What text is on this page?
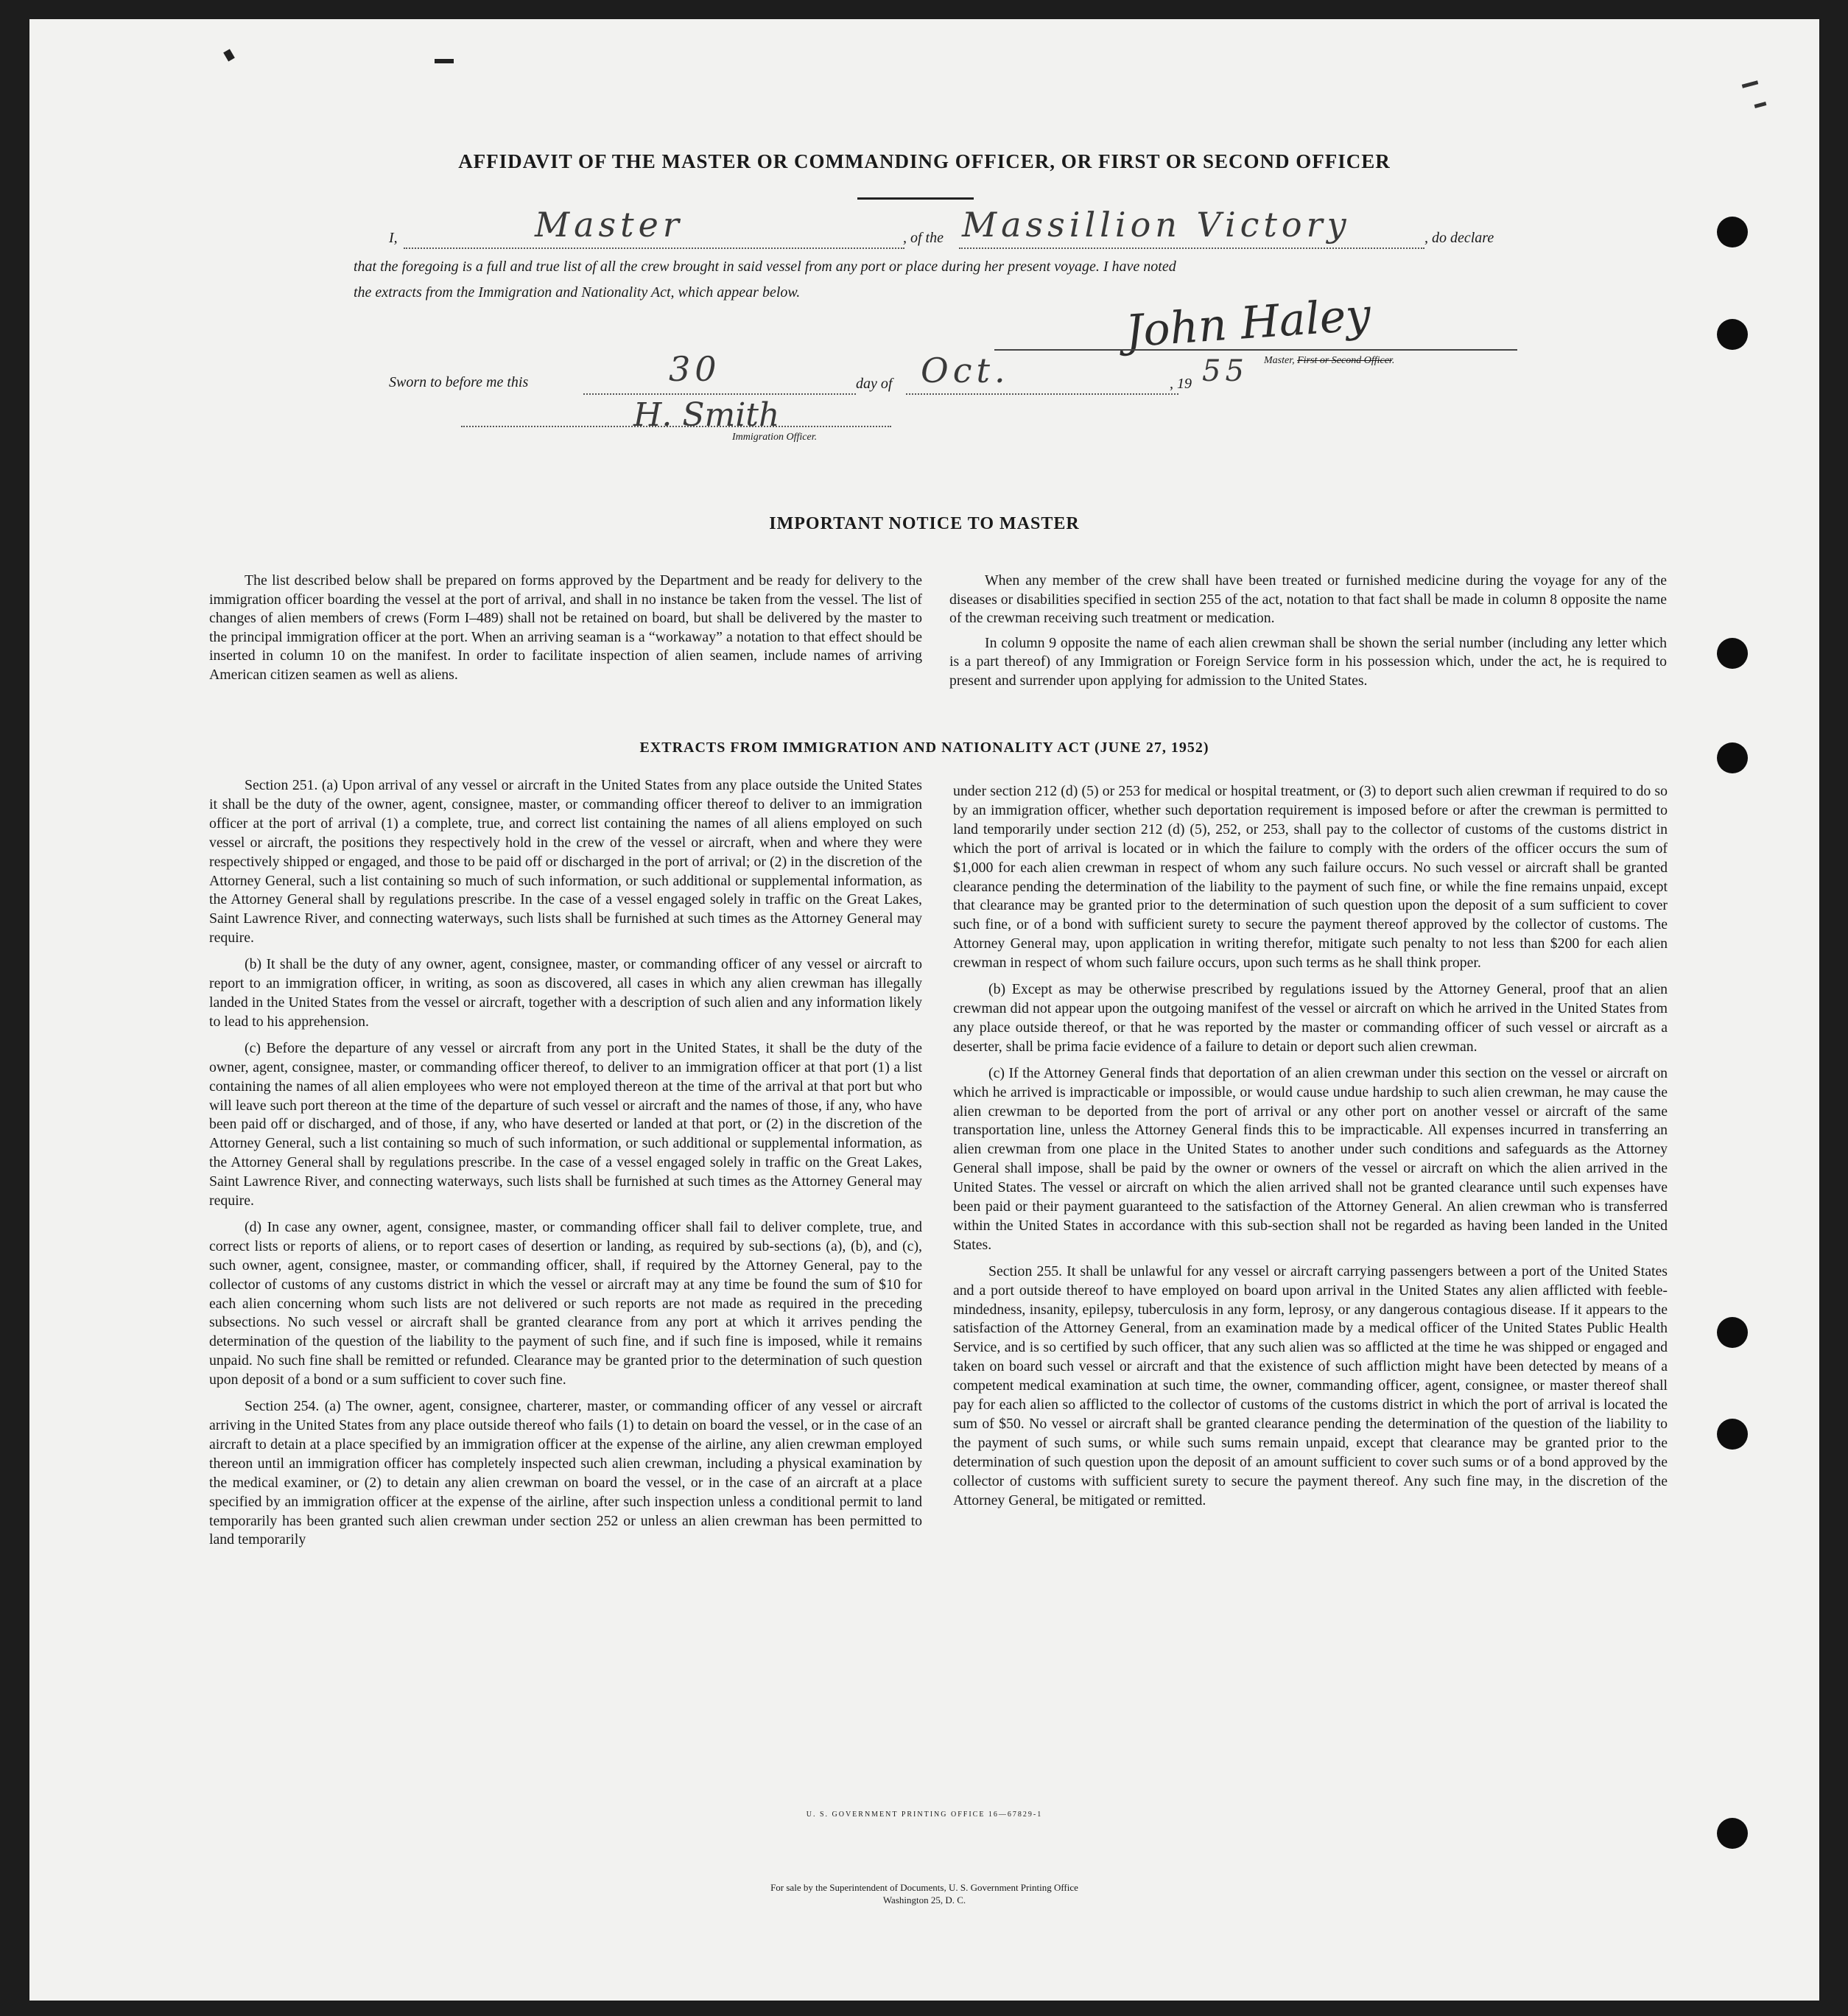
AFFIDAVIT OF THE MASTER OR COMMANDING OFFICER, OR FIRST OR SECOND OFFICER
I,	Master	, of the Massillion Victory	, do declare
that the foregoing is a full and true list of all the crew brought in said vessel from any port or place during her present voyage. I have noted
the extracts from the Immigration and Nationality Act, which appear below.	John Haley
Master, First or Second Officer.
Sworn to before me this	30	day of Oct.	, 19 55
H. Smith
Immigration Officer.
IMPORTANT NOTICE TO MASTER

The list described below shall be prepared on forms approved by the Department and be ready for delivery to the immigration officer boarding the vessel at the port of arrival, and shall in no instance be taken from the vessel. The list of changes of alien members of crews (Form I–489) shall not be retained on board, but shall be delivered by the master to the principal immigration officer at the port. When an arriving seaman is a “workaway” a notation to that effect should be inserted in column 10 on the manifest. In order to facilitate inspection of alien seamen, include names of arriving American citizen seamen as well as aliens.

When any member of the crew shall have been treated or furnished medicine during the voyage for any of the diseases or disabilities specified in section 255 of the act, notation to that fact shall be made in column 8 opposite the name of the crewman receiving such treatment or medication.

In column 9 opposite the name of each alien crewman shall be shown the serial number (including any letter which is a part thereof) of any Immigration or Foreign Service form in his possession which, under the act, he is required to present and surrender upon applying for admission to the United States.

EXTRACTS FROM IMMIGRATION AND NATIONALITY ACT (JUNE 27, 1952)

Section 251. (a) Upon arrival of any vessel or aircraft in the United States from any place outside the United States it shall be the duty of the owner, agent, consignee, master, or commanding officer thereof to deliver to an immigration officer at the port of arrival (1) a complete, true, and correct list containing the names of all aliens employed on such vessel or aircraft, the positions they respectively hold in the crew of the vessel or aircraft, when and where they were respectively shipped or engaged, and those to be paid off or discharged in the port of arrival; or (2) in the discretion of the Attorney General, such a list containing so much of such information, or such additional or supplemental information, as the Attorney General shall by regulations prescribe. In the case of a vessel engaged solely in traffic on the Great Lakes, Saint Lawrence River, and connecting waterways, such lists shall be furnished at such times as the Attorney General may require.

(b) It shall be the duty of any owner, agent, consignee, master, or commanding officer of any vessel or aircraft to report to an immigration officer, in writing, as soon as discovered, all cases in which any alien crewman has illegally landed in the United States from the vessel or aircraft, together with a description of such alien and any information likely to lead to his apprehension.

(c) Before the departure of any vessel or aircraft from any port in the United States, it shall be the duty of the owner, agent, consignee, master, or commanding officer thereof, to deliver to an immigration officer at that port (1) a list containing the names of all alien employees who were not employed thereon at the time of the arrival at that port but who will leave such port thereon at the time of the departure of such vessel or aircraft and the names of those, if any, who have been paid off or discharged, and of those, if any, who have deserted or landed at that port, or (2) in the discretion of the Attorney General, such a list containing so much of such information, or such additional or supplemental information, as the Attorney General shall by regulations prescribe. In the case of a vessel engaged solely in traffic on the Great Lakes, Saint Lawrence River, and connecting waterways, such lists shall be furnished at such times as the Attorney General may require.

(d) In case any owner, agent, consignee, master, or commanding officer shall fail to deliver complete, true, and correct lists or reports of aliens, or to report cases of desertion or landing, as required by sub-sections (a), (b), and (c), such owner, agent, consignee, master, or commanding officer, shall, if required by the Attorney General, pay to the collector of customs of any customs district in which the vessel or aircraft may at any time be found the sum of $10 for each alien concerning whom such lists are not delivered or such reports are not made as required in the preceding subsections. No such vessel or aircraft shall be granted clearance from any port at which it arrives pending the determination of the question of the liability to the payment of such fine, and if such fine is imposed, while it remains unpaid. No such fine shall be remitted or refunded. Clearance may be granted prior to the determination of such question upon deposit of a bond or a sum sufficient to cover such fine.

Section 254. (a) The owner, agent, consignee, charterer, master, or commanding officer of any vessel or aircraft arriving in the United States from any place outside thereof who fails (1) to detain on board the vessel, or in the case of an aircraft to detain at a place specified by an immigration officer at the expense of the airline, any alien crewman employed thereon until an immigration officer has completely inspected such alien crewman, including a physical examination by the medical examiner, or (2) to detain any alien crewman on board the vessel, or in the case of an aircraft at a place specified by an immigration officer at the expense of the airline, after such inspection unless a conditional permit to land temporarily has been granted such alien crewman under section 252 or unless an alien crewman has been permitted to land temporarily

under section 212 (d) (5) or 253 for medical or hospital treatment, or (3) to deport such alien crewman if required to do so by an immigration officer, whether such deportation requirement is imposed before or after the crewman is permitted to land temporarily under section 212 (d) (5), 252, or 253, shall pay to the collector of customs of the customs district in which the port of arrival is located or in which the failure to comply with the orders of the officer occurs the sum of $1,000 for each alien crewman in respect of whom any such failure occurs. No such vessel or aircraft shall be granted clearance pending the determination of the liability to the payment of such fine, or while the fine remains unpaid, except that clearance may be granted prior to the determination of such question upon the deposit of a sum sufficient to cover such fine, or of a bond with sufficient surety to secure the payment thereof approved by the collector of customs. The Attorney General may, upon application in writing therefor, mitigate such penalty to not less than $200 for each alien crewman in respect of whom such failure occurs, upon such terms as he shall think proper.

(b) Except as may be otherwise prescribed by regulations issued by the Attorney General, proof that an alien crewman did not appear upon the outgoing manifest of the vessel or aircraft on which he arrived in the United States from any place outside thereof, or that he was reported by the master or commanding officer of such vessel or aircraft as a deserter, shall be prima facie evidence of a failure to detain or deport such alien crewman.

(c) If the Attorney General finds that deportation of an alien crewman under this section on the vessel or aircraft on which he arrived is impracticable or impossible, or would cause undue hardship to such alien crewman, he may cause the alien crewman to be deported from the port of arrival or any other port on another vessel or aircraft of the same transportation line, unless the Attorney General finds this to be impracticable. All expenses incurred in transferring an alien crewman from one place in the United States to another under such conditions and safeguards as the Attorney General shall impose, shall be paid by the owner or owners of the vessel or aircraft on which the alien arrived in the United States. The vessel or aircraft on which the alien arrived shall not be granted clearance until such expenses have been paid or their payment guaranteed to the satisfaction of the Attorney General. An alien crewman who is transferred within the United States in accordance with this sub-section shall not be regarded as having been landed in the United States.

Section 255. It shall be unlawful for any vessel or aircraft carrying passengers between a port of the United States and a port outside thereof to have employed on board upon arrival in the United States any alien afflicted with feeble-mindedness, insanity, epilepsy, tuberculosis in any form, leprosy, or any dangerous contagious disease. If it appears to the satisfaction of the Attorney General, from an examination made by a medical officer of the United States Public Health Service, and is so certified by such officer, that any such alien was so afflicted at the time he was shipped or engaged and taken on board such vessel or aircraft and that the existence of such affliction might have been detected by means of a competent medical examination at such time, the owner, commanding officer, agent, consignee, or master thereof shall pay for each alien so afflicted to the collector of customs of the customs district in which the port of arrival is located the sum of $50. No vessel or aircraft shall be granted clearance pending the determination of the question of the liability to the payment of such sums, or while such sums remain unpaid, except that clearance may be granted prior to the determination of such question upon the deposit of an amount sufficient to cover such sums or of a bond approved by the collector of customs with sufficient surety to secure the payment thereof. Any such fine may, in the discretion of the Attorney General, be mitigated or remitted.

U. S. GOVERNMENT PRINTING OFFICE 16—67829-1
For sale by the Superintendent of Documents, U. S. Government Printing Office
Washington 25, D. C.
